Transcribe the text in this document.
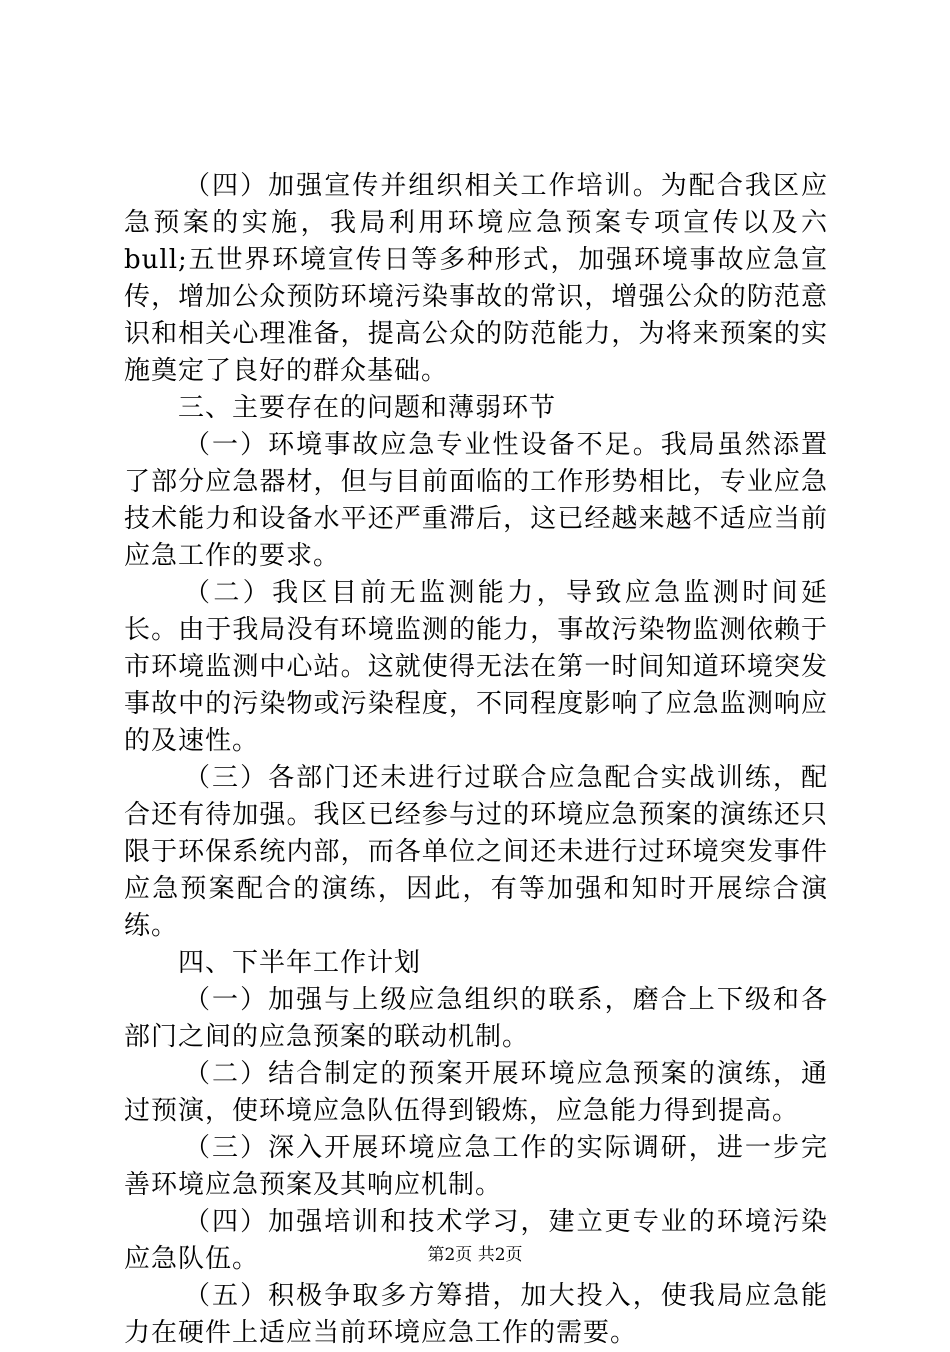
（四）加强宣传并组织相关工作培训。为配合我区应急预案的实施，我局利用环境应急预案专项宣传以及六 bull;五世界环境宣传日等多种形式，加强环境事故应急宣传，增加公众预防环境污染事故的常识，增强公众的防范意识和相关心理准备，提高公众的防范能力，为将来预案的实施奠定了良好的群众基础。

三、主要存在的问题和薄弱环节

（一）环境事故应急专业性设备不足。我局虽然添置了部分应急器材，但与目前面临的工作形势相比，专业应急技术能力和设备水平还严重滞后，这已经越来越不适应当前应急工作的要求。

（二）我区目前无监测能力，导致应急监测时间延长。由于我局没有环境监测的能力，事故污染物监测依赖于市环境监测中心站。这就使得无法在第一时间知道环境突发事故中的污染物或污染程度，不同程度影响了应急监测响应的及速性。

（三）各部门还未进行过联合应急配合实战训练，配合还有待加强。我区已经参与过的环境应急预案的演练还只限于环保系统内部，而各单位之间还未进行过环境突发事件应急预案配合的演练，因此，有等加强和知时开展综合演练。

四、下半年工作计划

（一）加强与上级应急组织的联系，磨合上下级和各部门之间的应急预案的联动机制。

（二）结合制定的预案开展环境应急预案的演练，通过预演，使环境应急队伍得到锻炼，应急能力得到提高。

（三）深入开展环境应急工作的实际调研，进一步完善环境应急预案及其响应机制。

（四）加强培训和技术学习，建立更专业的环境污染应急队伍。

（五）积极争取多方筹措，加大投入，使我局应急能力在硬件上适应当前环境应急工作的需要。

第2页 共2页
